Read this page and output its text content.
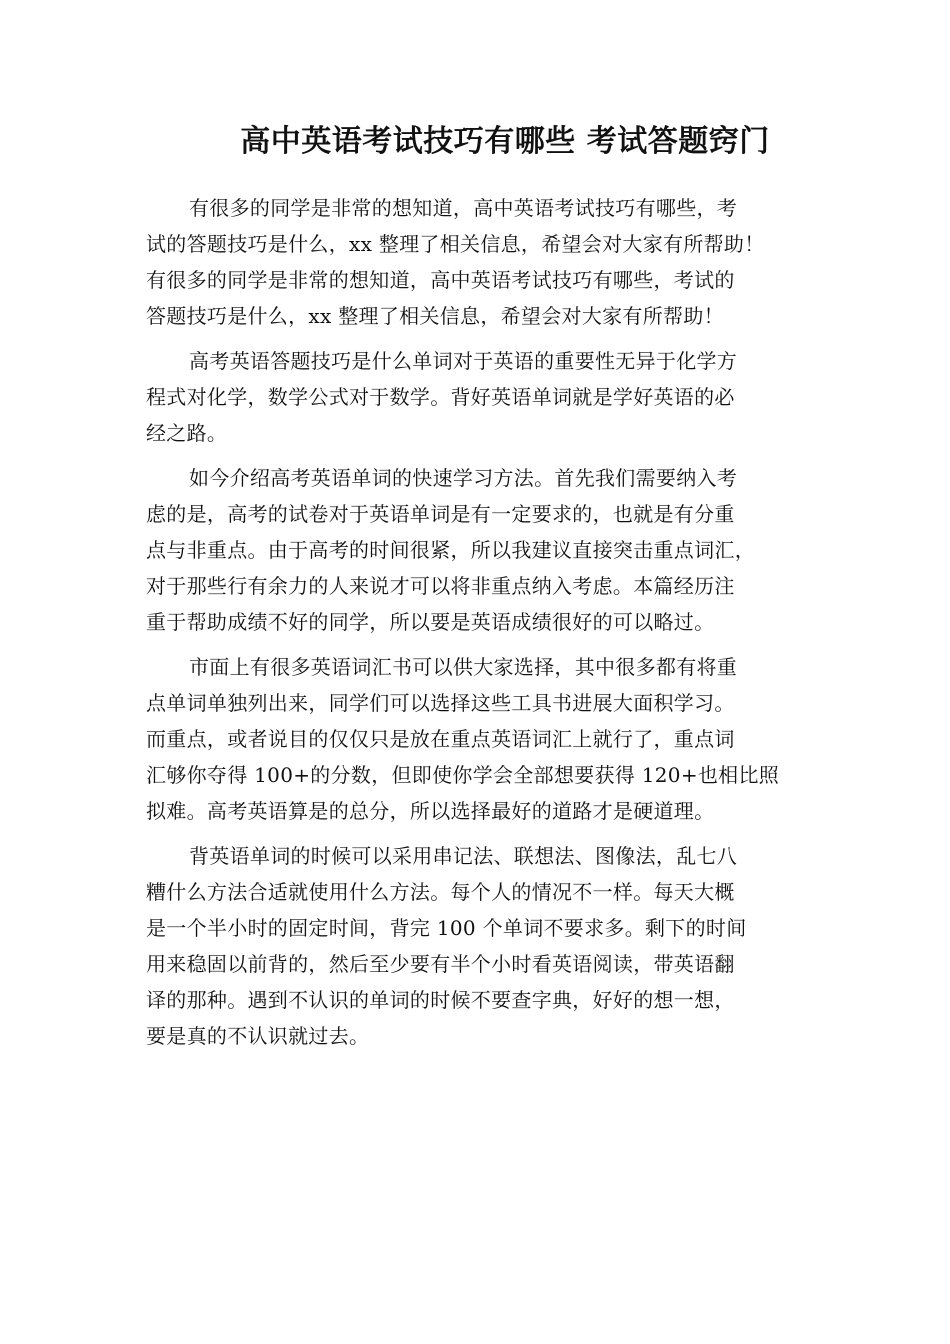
高中英语考试技巧有哪些 考试答题窍门
有很多的同学是非常的想知道，高中英语考试技巧有哪些，考
试的答题技巧是什么，xx 整理了相关信息，希望会对大家有所帮助！
有很多的同学是非常的想知道，高中英语考试技巧有哪些，考试的
答题技巧是什么，xx 整理了相关信息，希望会对大家有所帮助！
高考英语答题技巧是什么单词对于英语的重要性无异于化学方
程式对化学，数学公式对于数学。背好英语单词就是学好英语的必
经之路。
如今介绍高考英语单词的快速学习方法。首先我们需要纳入考
虑的是，高考的试卷对于英语单词是有一定要求的，也就是有分重
点与非重点。由于高考的时间很紧，所以我建议直接突击重点词汇，
对于那些行有余力的人来说才可以将非重点纳入考虑。本篇经历注
重于帮助成绩不好的同学，所以要是英语成绩很好的可以略过。
市面上有很多英语词汇书可以供大家选择，其中很多都有将重
点单词单独列出来，同学们可以选择这些工具书进展大面积学习。
而重点，或者说目的仅仅只是放在重点英语词汇上就行了，重点词
汇够你夺得 100+的分数，但即使你学会全部想要获得 120+也相比照
拟难。高考英语算是的总分，所以选择最好的道路才是硬道理。
背英语单词的时候可以采用串记法、联想法、图像法，乱七八
糟什么方法合适就使用什么方法。每个人的情况不一样。每天大概
是一个半小时的固定时间，背完 100 个单词不要求多。剩下的时间
用来稳固以前背的，然后至少要有半个小时看英语阅读，带英语翻
译的那种。遇到不认识的单词的时候不要查字典，好好的想一想，
要是真的不认识就过去。
